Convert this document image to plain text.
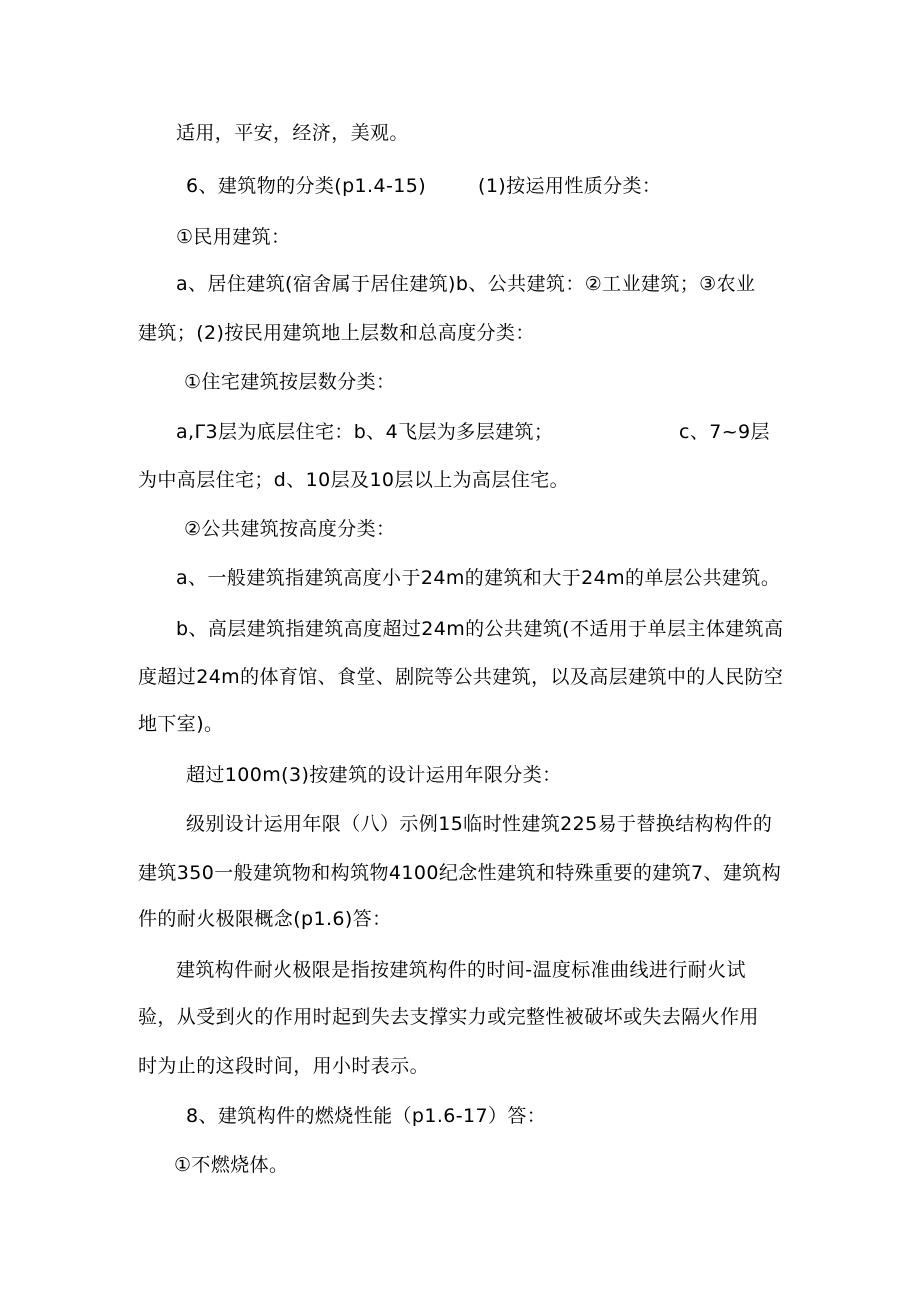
适用，平安，经济，美观。
6、建筑物的分类(p1.4-15)	(1)按运用性质分类：
①民用建筑：
a、居住建筑(宿舍属于居住建筑)b、公共建筑：②工业建筑；③农业
建筑；(2)按民用建筑地上层数和总高度分类：
①住宅建筑按层数分类：
a,Γ3层为底层住宅：b、4飞层为多层建筑；	c、7~9层
为中高层住宅；d、10层及10层以上为高层住宅。
②公共建筑按高度分类：
a、一般建筑指建筑高度小于24m的建筑和大于24m的单层公共建筑。
b、高层建筑指建筑高度超过24m的公共建筑(不适用于单层主体建筑高
度超过24m的体育馆、食堂、剧院等公共建筑，以及高层建筑中的人民防空
地下室)。
超过100m(3)按建筑的设计运用年限分类：
级别设计运用年限（八）示例15临时性建筑225易于替换结构构件的
建筑350一般建筑物和构筑物4100纪念性建筑和特殊重要的建筑7、建筑构
件的耐火极限概念(p1.6)答：
建筑构件耐火极限是指按建筑构件的时间-温度标准曲线进行耐火试
验，从受到火的作用时起到失去支撑实力或完整性被破坏或失去隔火作用
时为止的这段时间，用小时表示。
8、建筑构件的燃烧性能（p1.6-17）答：
①不燃烧体。
